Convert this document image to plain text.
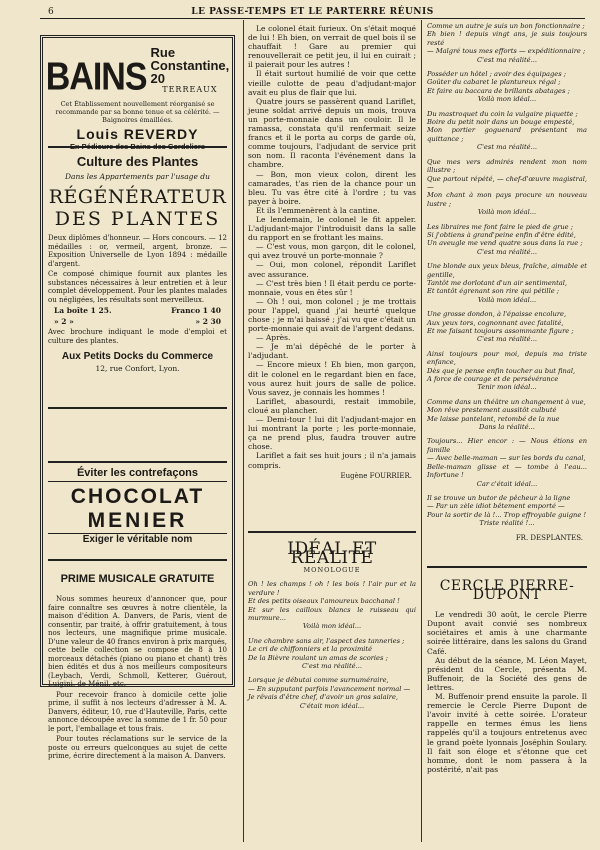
6	LE PASSE-TEMPS ET LE PARTERRE RÉUNIS
BAINS
Rue Constantine, 20
TERREAUX
Cet Établissement nouvellement réorganisé se recommande par sa bonne tenue et sa célérité. — Baignoires émaillées.
Louis REVERDY
Ex-Pédicure des Bains des Cordeliers
Culture des Plantes
Dans les Appartements par l'usage du
RÉGÉNÉRATEUR
DES PLANTES
Deux diplômes d'honneur. — Hors concours. — 12 médailles : or, vermeil, argent, bronze. — Exposition Universelle de Lyon 1894 : médaille d'argent.
Ce composé chimique fournit aux plantes les substances nécessaires à leur entretien et à leur complet développement. Pour les plantes malades ou négligées, les résultats sont merveilleux.
La boîte 1 25.	Franco 1 40
» 2 »	» 2 30
Avec brochure indiquant le mode d'emploi et culture des plantes.
Aux Petits Docks du Commerce
12, rue Confort, Lyon.
Éviter les contrefaçons
CHOCOLAT
MENIER
Exiger le véritable nom
PRIME MUSICALE GRATUITE
Nous sommes heureux d'annoncer que, pour faire connaître ses œuvres à notre clientèle, la maison d'édition A. Danvers, de Paris, vient de consentir, par traité, à offrir gratuitement, à tous nos lecteurs, une magnifique prime musicale. D'une valeur de 40 francs environ à prix marqués, cette belle collection se compose de 8 à 10 morceaux détachés (piano ou piano et chant) très bien édités et dus à nos meilleurs compositeurs (Leybach, Verdi, Schmoll, Ketterer, Guérout, Luigini, de Ménil, etc.
Pour recevoir franco à domicile cette jolie prime, il suffit à nos lecteurs d'adresser à M. A. Danvers, éditeur, 10, rue d'Hauteville, Paris, cette annonce découpée avec la somme de 1 fr. 50 pour le port, l'emballage et tous frais.
Pour toutes réclamations sur le service de la poste ou erreurs quelconques au sujet de cette prime, écrire directement à la maison A. Danvers.

Le colonel était furieux. On s'était moqué de lui ! Eh bien, on verrait de quel bois il se chauffait ! Gare au premier qui renouvellerait ce petit jeu, il lui en cuirait ; il paierait pour les autres !

Il était surtout humilié de voir que cette vieille culotte de peau d'adjudant-major avait eu plus de flair que lui.

Quatre jours se passèrent quand Lariflet, jeune soldat arrivé depuis un mois, trouva un porte-monnaie dans un couloir. Il le ramassa, constata qu'il renfermait seize francs et il le porta au corps de garde où, comme toujours, l'adjudant de service prit son nom. Il raconta l'événement dans la chambre.

— Bon, mon vieux colon, dirent les camarades, t'as rien de la chance pour un bleu. Tu vas être cité à l'ordre ; tu vas payer à boire.

Et ils l'emmenèrent à la cantine.

Le lendemain, le colonel le fit appeler. L'adjudant-major l'introduisit dans la salle du rapport en se frottant les mains.

— C'est vous, mon garçon, dit le colonel, qui avez trouvé un porte-monnaie ?

— Oui, mon colonel, répondit Lariflet avec assurance.

— C'est très bien ! Il était perdu ce porte-monnaie, vous en êtes sûr !

— Oh ! oui, mon colonel ; je me trottais pour l'appel, quand j'ai heurté quelque chose ; je m'ai baissé ; j'ai vu que c'était un porte-monnaie qui avait de l'argent dedans.

— Après.

— Je m'ai dépêché de le porter à l'adjudant.

— Encore mieux ! Eh bien, mon garçon, dit le colonel en le regardant bien en face, vous aurez huit jours de salle de police. Vous savez, je connais les hommes !

Lariflet, abasourdi, restait immobile, cloué au plancher.

— Demi-tour ! lui dit l'adjudant-major en lui montrant la porte ; les porte-monnaie, ça ne prend plus, faudra trouver autre chose.

Lariflet a fait ses huit jours ; il n'a jamais compris.

Eugène FOURRIER.
IDÉAL ET RÉALITÉ
MONOLOGUE
Oh ! les champs ! oh ! les bois ! l'air pur et la verdure !
Et des petits oiseaux l'amoureux bacchanal !
Et sur les cailloux blancs le ruisseau qui murmure...
Voilà mon idéal...
Une chambre sans air, l'aspect des tanneries ;
Le cri de chiffonniers et la proximité
De la Bièvre roulant un amas de scories ;
C'est ma réalité...
Lorsque je débutai comme surnuméraire,
— En supputant parfois l'avancement normal —
Je rêvais d'être chef, d'avoir un gros salaire,
C'était mon idéal...
Comme un autre je suis un bon fonctionnaire ;
Eh bien ! depuis vingt ans, je suis toujours resté
— Malgré tous mes efforts — expéditionnaire ;
C'est ma réalité...
Posséder un hôtel ; avoir des équipages ;
Goûter du cabaret le plantureux régal ;
Et faire au baccara de brillants abatages ;
Voilà mon idéal...
Du mastroquet du coin la vulgaire piquette ;
Boire du petit noir dans un bouge empesté,
Mon portier goguenard présentant ma quittance ;
C'est ma réalité...
Que mes vers admirés rendent mon nom illustre ;
Que partout répété, — chef-d'œuvre magistral, —
Mon chant à mon pays procure un nouveau lustre ;
Voilà mon idéal...
Les libraires me font faire le pied de grue ;
Si j'obtiens à grand'peine enfin d'être édité,
Un aveugle me vend quatre sous dans la rue ;
C'est ma réalité...
Une blonde aux yeux bleus, fraîche, aimable et gentille,
Tantôt me dorlotant d'un air sentimental,
Et tantôt égrenant son rire qui pétille ;
Voilà mon idéal...
Une grosse dondon, à l'épaisse encolure,
Aux yeux tors, cognonnant avec fatalité,
Et me faisant toujours assommante figure ;
C'est ma réalité...
Ainsi toujours pour moi, depuis ma triste enfance,
Dès que je pense enfin toucher au but final,
A force de courage et de persévérance
Tenir mon idéal...
Comme dans un théâtre un changement à vue,
Mon rêve prestement aussitôt culbuté
Me laisse pantelant, retombé de la nue
Dans la réalité...
Toujours... Hier encor : — Nous étions en famille
— Avec belle-maman — sur les bords du canal,
Belle-maman glisse et — tombe à l'eau... Infortune !
Car c'était idéal...
Il se trouve un butor de pêcheur à la ligne
— Par un zèle idiot bêtement emporté —
Pour la sortir de là !... Trop effroyable guigne !
Triste réalité !...
FR. DESPLANTES.
CERCLE PIERRE-DUPONT

Le vendredi 30 août, le cercle Pierre Dupont avait convié ses nombreux sociétaires et amis à une charmante soirée littéraire, dans les salons du Grand Café.

Au début de la séance, M. Léon Mayet, président du Cercle, présenta M. Buffenoir, de la Société des gens de lettres.

M. Buffenoir prend ensuite la parole. Il remercie le Cercle Pierre Dupont de l'avoir invité à cette soirée. L'orateur rappelle en termes émus les liens rappelés qu'il a toujours entretenus avec le grand poète lyonnais Joséphin Soulary. Il fait son éloge et s'étonne que cet homme, dont le nom passera à la postérité, n'ait pas
